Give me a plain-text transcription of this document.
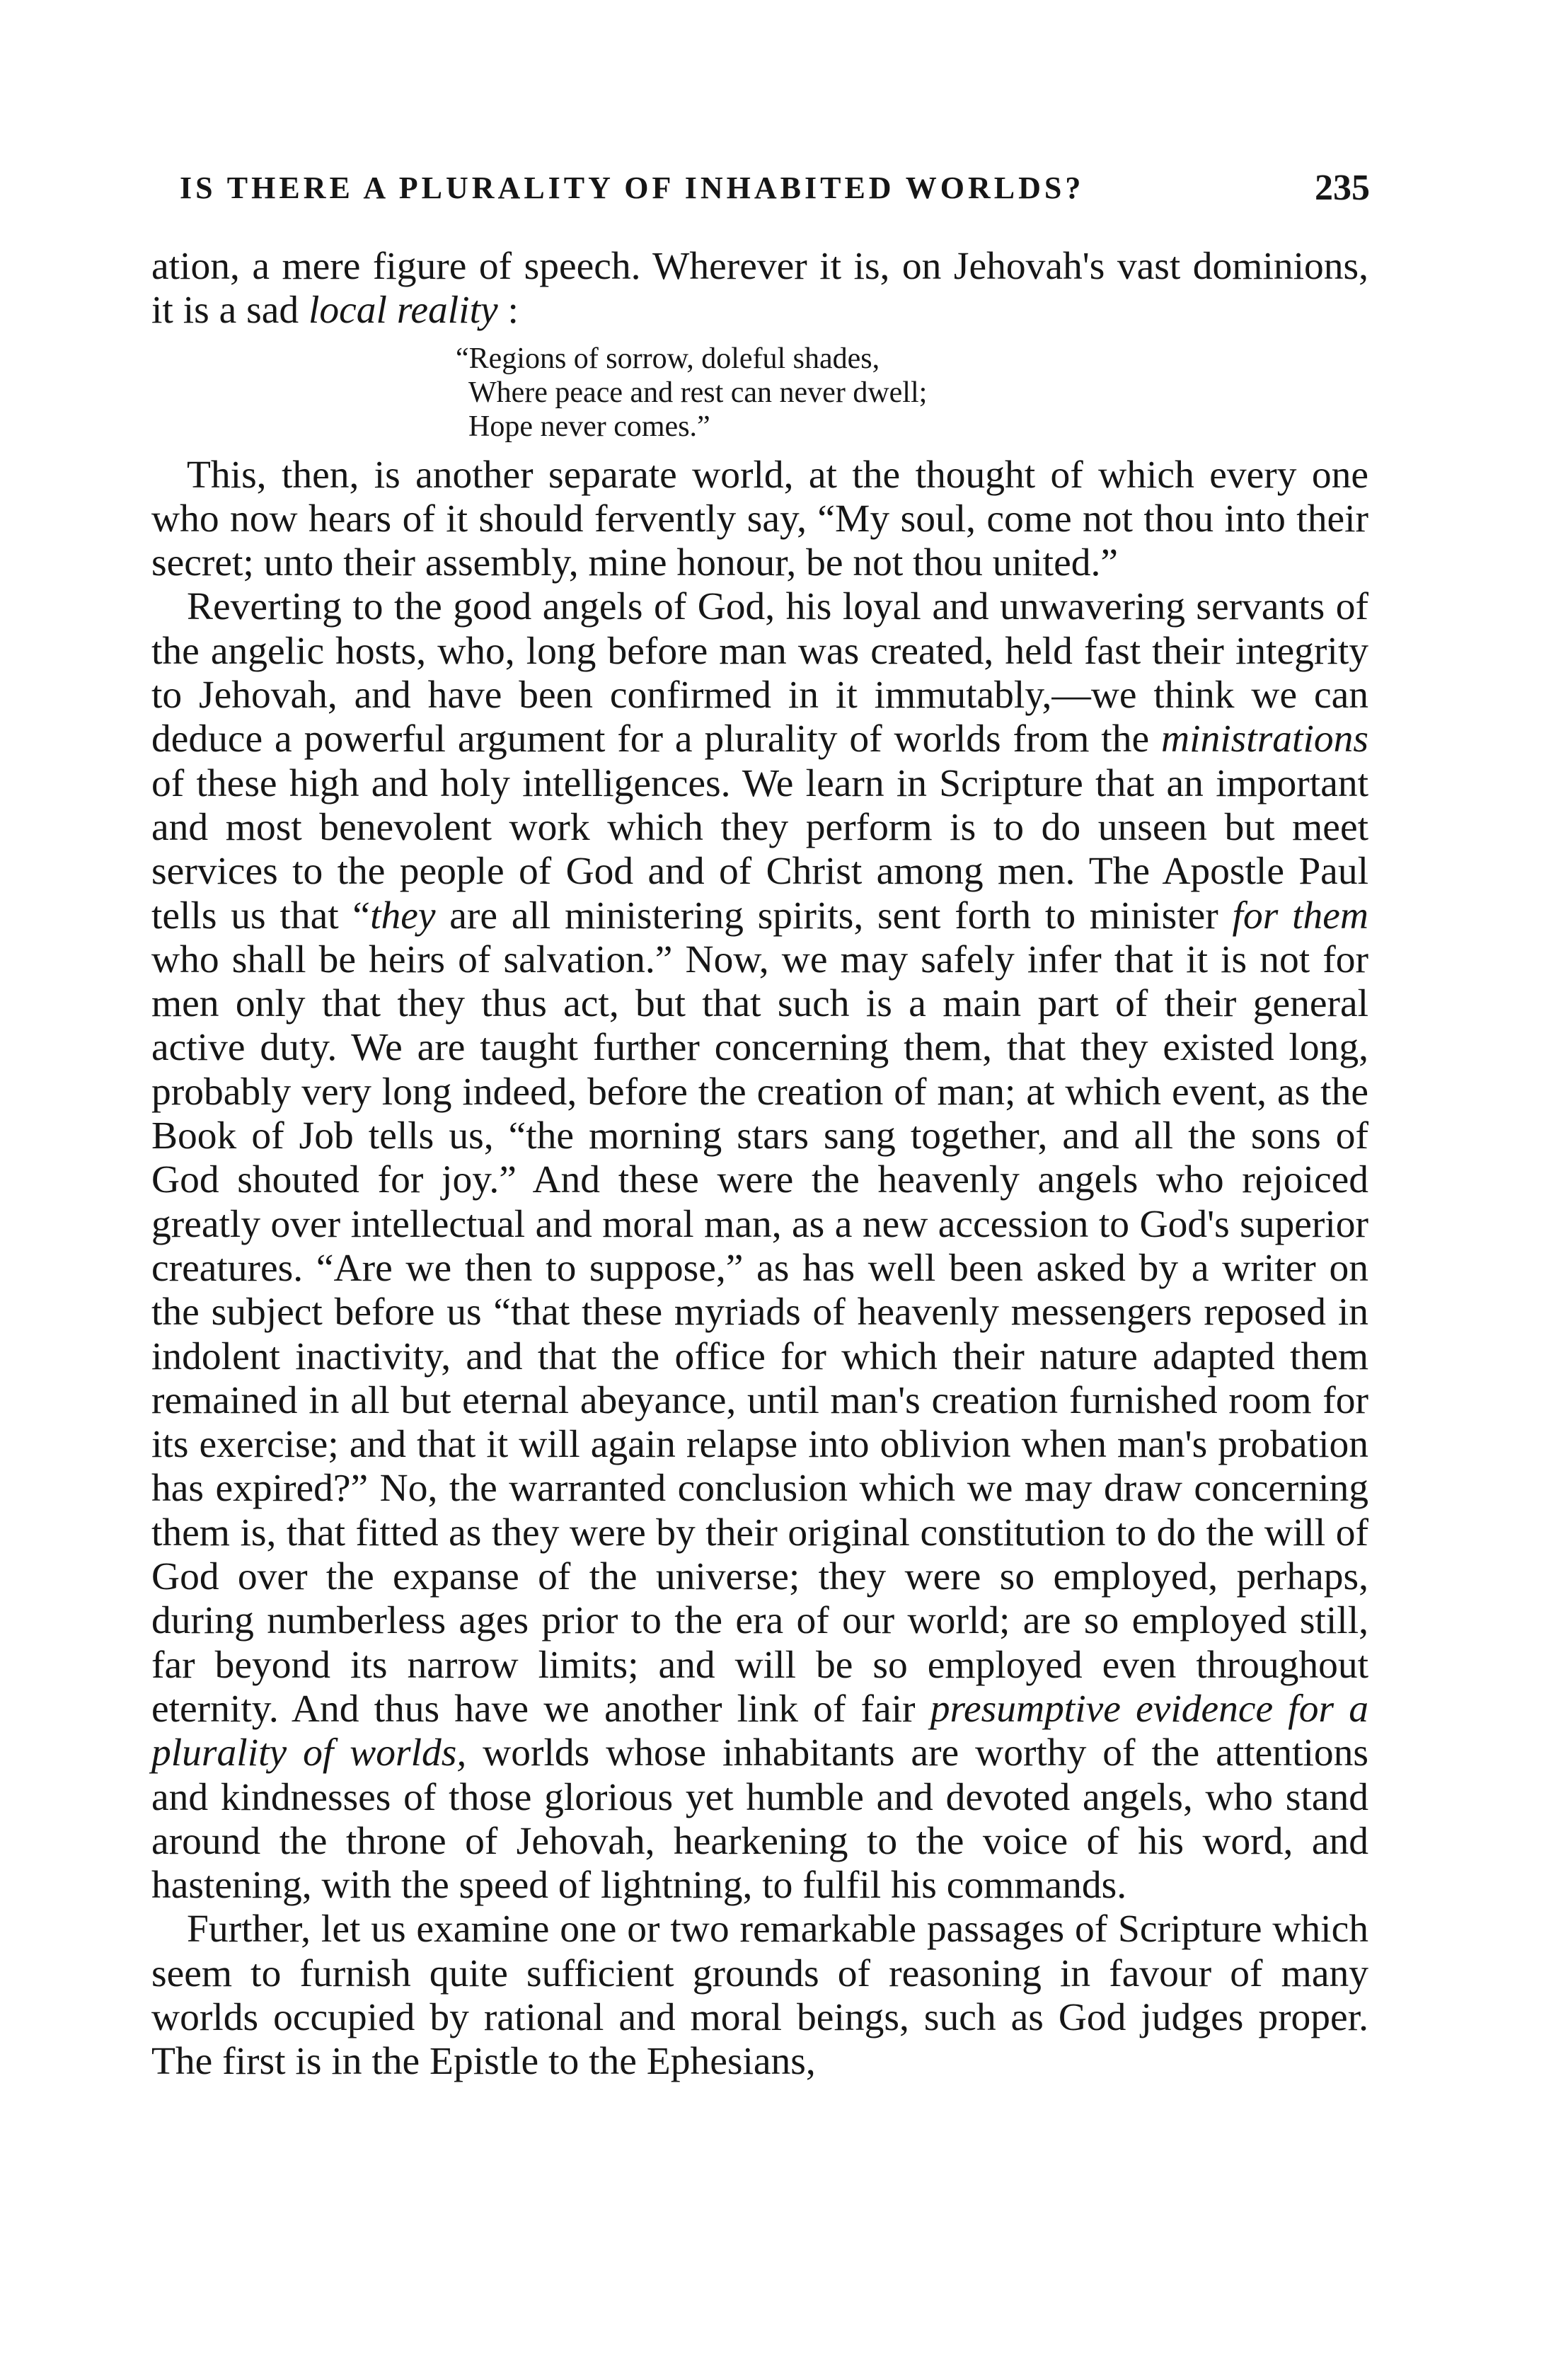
IS THERE A PLURALITY OF INHABITED WORLDS?	235

ation, a mere figure of speech. Wherever it is, on Jehovah's vast dominions, it is a sad local reality :

“Regions of sorrow, doleful shades,
Where peace and rest can never dwell;
Hope never comes.”

This, then, is another separate world, at the thought of which every one who now hears of it should fervently say, “My soul, come not thou into their secret; unto their assembly, mine honour, be not thou united.”

Reverting to the good angels of God, his loyal and unwavering servants of the angelic hosts, who, long before man was created, held fast their integrity to Jehovah, and have been confirmed in it immutably,—we think we can deduce a powerful argument for a plurality of worlds from the ministrations of these high and holy intelligences. We learn in Scripture that an important and most benevolent work which they perform is to do unseen but meet services to the people of God and of Christ among men. The Apostle Paul tells us that “they are all ministering spirits, sent forth to minister for them who shall be heirs of salvation.” Now, we may safely infer that it is not for men only that they thus act, but that such is a main part of their general active duty. We are taught further concerning them, that they existed long, probably very long indeed, before the creation of man; at which event, as the Book of Job tells us, “the morning stars sang together, and all the sons of God shouted for joy.” And these were the heavenly angels who rejoiced greatly over intellectual and moral man, as a new accession to God's superior creatures. “Are we then to suppose,” as has well been asked by a writer on the subject before us “that these myriads of heavenly messengers reposed in indolent inactivity, and that the office for which their nature adapted them remained in all but eternal abeyance, until man's creation furnished room for its exercise; and that it will again relapse into oblivion when man's probation has expired?” No, the warranted conclusion which we may draw concerning them is, that fitted as they were by their original constitution to do the will of God over the expanse of the universe; they were so employed, perhaps, during numberless ages prior to the era of our world; are so employed still, far beyond its narrow limits; and will be so employed even throughout eternity. And thus have we another link of fair presumptive evidence for a plurality of worlds, worlds whose inhabitants are worthy of the attentions and kindnesses of those glorious yet humble and devoted angels, who stand around the throne of Jehovah, hearkening to the voice of his word, and hastening, with the speed of lightning, to fulfil his commands.

Further, let us examine one or two remarkable passages of Scripture which seem to furnish quite sufficient grounds of reasoning in favour of many worlds occupied by rational and moral beings, such as God judges proper. The first is in the Epistle to the Ephesians,
